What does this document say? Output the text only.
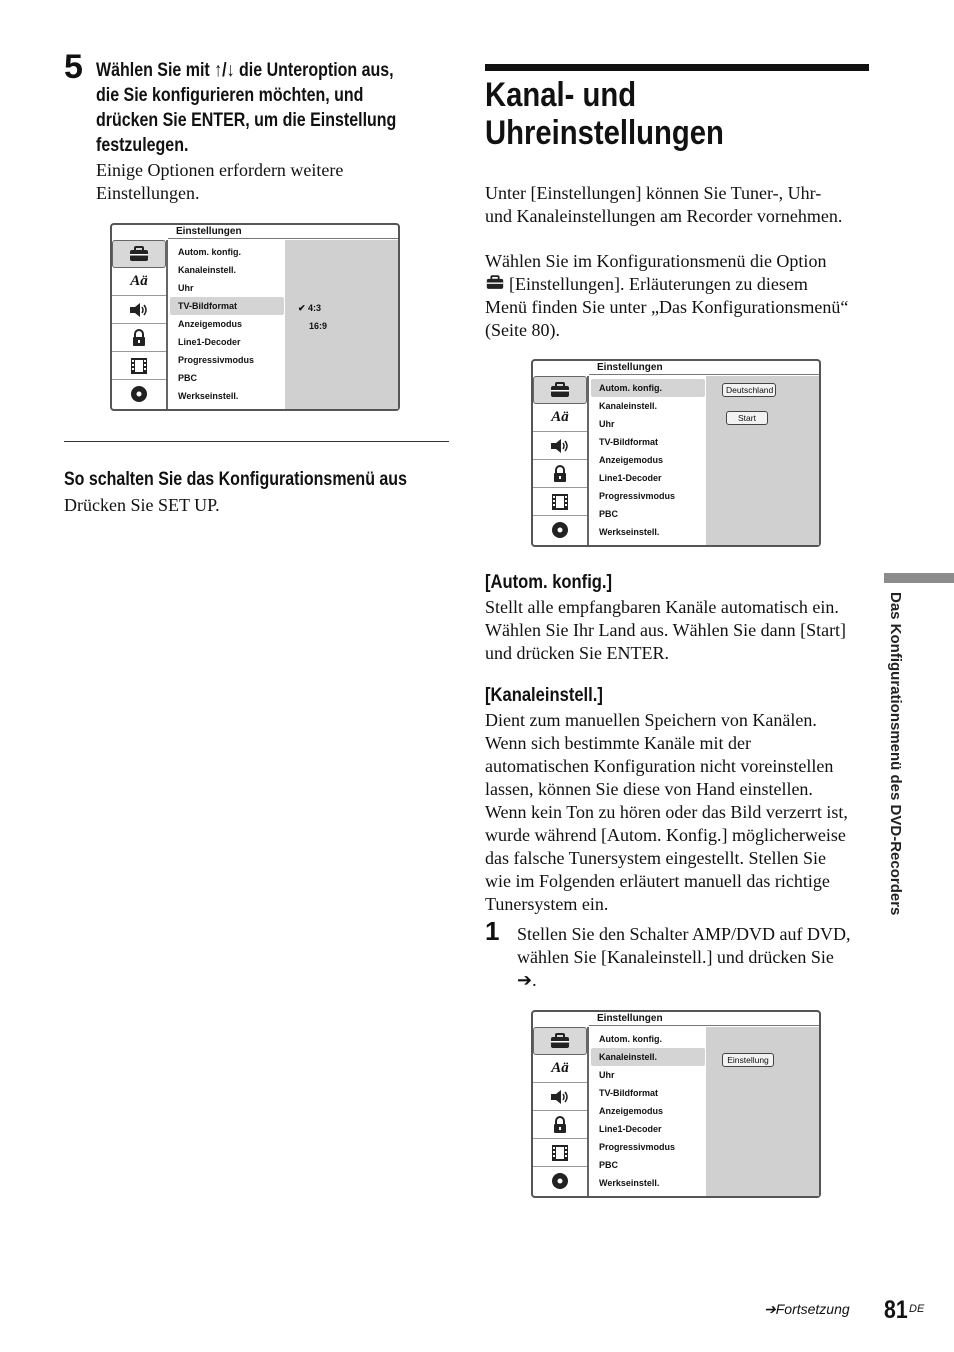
5 Wählen Sie mit ↑/↓ die Unteroption aus,
die Sie konfigurieren möchten, und
drücken Sie ENTER, um die Einstellung
festzulegen.
Einige Optionen erfordern weitere
Einstellungen.
Einstellungen
Aä
Autom. konfig.
Kanaleinstell.
Uhr
TV-Bildformat
Anzeigemodus
Line1-Decoder
Progressivmodus
PBC
Werkseinstell.
✔ 4:3
16:9
So schalten Sie das Konfigurationsmenü aus
Drücken Sie SET UP.
Kanal- und
Uhreinstellungen
Unter [Einstellungen] können Sie Tuner-, Uhr-
und Kanaleinstellungen am Recorder vornehmen.
Wählen Sie im Konfigurationsmenü die Option
[Einstellungen]. Erläuterungen zu diesem
Menü finden Sie unter „Das Konfigurationsmenü“
(Seite 80).
Einstellungen
Aä
Autom. konfig.
Kanaleinstell.
Uhr
TV-Bildformat
Anzeigemodus
Line1-Decoder
Progressivmodus
PBC
Werkseinstell.
Deutschland
Start
[Autom. konfig.]
Stellt alle empfangbaren Kanäle automatisch ein.
Wählen Sie Ihr Land aus. Wählen Sie dann [Start]
und drücken Sie ENTER.
[Kanaleinstell.]
Dient zum manuellen Speichern von Kanälen.
Wenn sich bestimmte Kanäle mit der
automatischen Konfiguration nicht voreinstellen
lassen, können Sie diese von Hand einstellen.
Wenn kein Ton zu hören oder das Bild verzerrt ist,
wurde während [Autom. Konfig.] möglicherweise
das falsche Tunersystem eingestellt. Stellen Sie
wie im Folgenden erläutert manuell das richtige
Tunersystem ein.
1 Stellen Sie den Schalter AMP/DVD auf DVD,
wählen Sie [Kanaleinstell.] und drücken Sie
➔.
Einstellungen
Aä
Autom. konfig.
Kanaleinstell.
Uhr
TV-Bildformat
Anzeigemodus
Line1-Decoder
Progressivmodus
PBC
Werkseinstell.
Einstellung
Das Konfigurationsmenü des DVD-Recorders
➔Fortsetzung 81 DE
